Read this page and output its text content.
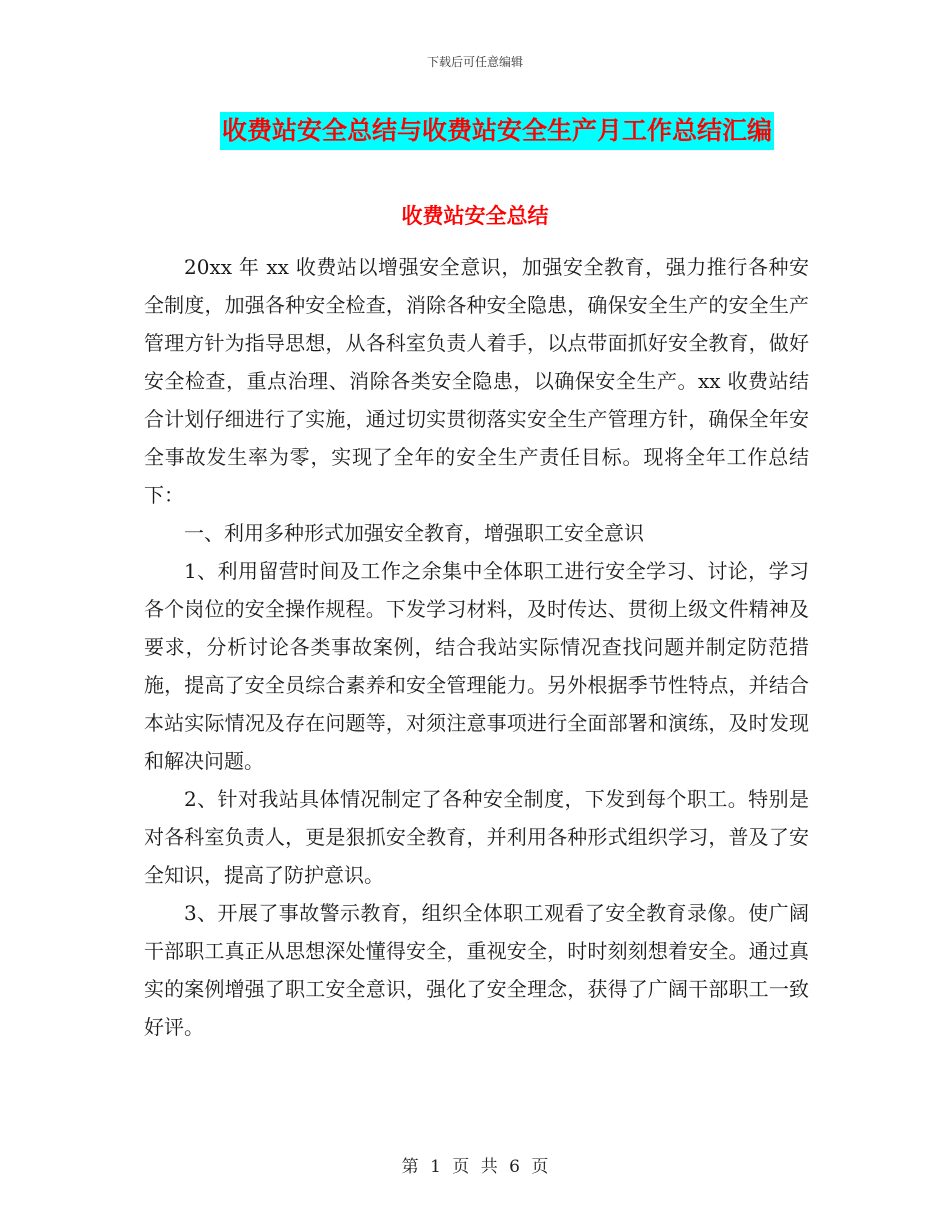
下载后可任意编辑
收费站安全总结与收费站安全生产月工作总结汇编
收费站安全总结

20xx 年 xx 收费站以增强安全意识，加强安全教育，强力推行各种安全制度，加强各种安全检查，消除各种安全隐患，确保安全生产的安全生产管理方针为指导思想，从各科室负责人着手，以点带面抓好安全教育，做好安全检查，重点治理、消除各类安全隐患，以确保安全生产。xx 收费站结合计划仔细进行了实施，通过切实贯彻落实安全生产管理方针，确保全年安全事故发生率为零，实现了全年的安全生产责任目标。现将全年工作总结下：

一、利用多种形式加强安全教育，增强职工安全意识

1、利用留营时间及工作之余集中全体职工进行安全学习、讨论，学习各个岗位的安全操作规程。下发学习材料，及时传达、贯彻上级文件精神及要求，分析讨论各类事故案例，结合我站实际情况查找问题并制定防范措施，提高了安全员综合素养和安全管理能力。另外根据季节性特点，并结合本站实际情况及存在问题等，对须注意事项进行全面部署和演练，及时发现和解决问题。

2、针对我站具体情况制定了各种安全制度，下发到每个职工。特别是对各科室负责人，更是狠抓安全教育，并利用各种形式组织学习，普及了安全知识，提高了防护意识。

3、开展了事故警示教育，组织全体职工观看了安全教育录像。使广阔干部职工真正从思想深处懂得安全，重视安全，时时刻刻想着安全。通过真实的案例增强了职工安全意识，强化了安全理念，获得了广阔干部职工一致好评。

第 1 页 共 6 页
